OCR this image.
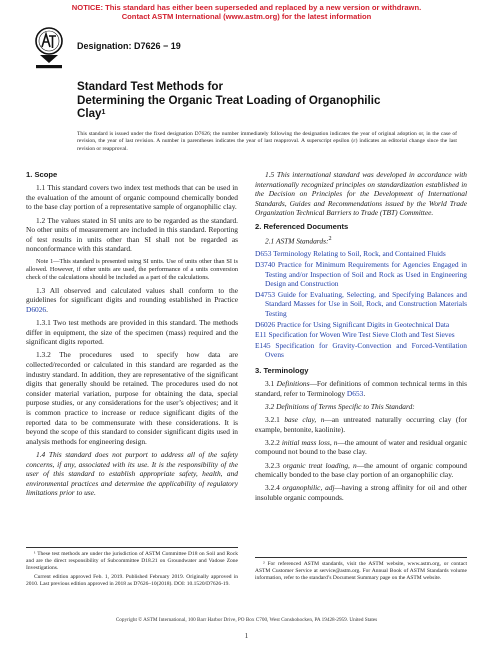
NOTICE: This standard has either been superseded and replaced by a new version or withdrawn.
Contact ASTM International (www.astm.org) for the latest information
Designation: D7626 − 19
Standard Test Methods for
Determining the Organic Treat Loading of Organophilic
Clay$^1$
This standard is issued under the fixed designation D7626; the number immediately following the designation indicates the year of original adoption or, in the case of revision, the year of last revision. A number in parentheses indicates the year of last reapproval. A superscript epsilon (ε) indicates an editorial change since the last revision or reapproval.

1. Scope

1.1 This standard covers two index test methods that can be used in the evaluation of the amount of organic compound chemically bonded to the base clay portion of a representative sample of organophilic clay.

1.2 The values stated in SI units are to be regarded as the standard. No other units of measurement are included in this standard. Reporting of test results in units other than SI shall not be regarded as nonconformance with this standard.

Note 1—This standard is presented using SI units. Use of units other than SI is allowed. However, if other units are used, the performance of a units conversion check of the calculations should be included as a part of the calculations.

1.3 All observed and calculated values shall conform to the guidelines for significant digits and rounding established in Practice D6026.

1.3.1 Two test methods are provided in this standard. The methods differ in equipment, the size of the specimen (mass) required and the significant digits reported.

1.3.2 The procedures used to specify how data are collected/recorded or calculated in this standard are regarded as the industry standard. In addition, they are representative of the significant digits that generally should be retained. The procedures used do not consider material variation, purpose for obtaining the data, special purpose studies, or any considerations for the user’s objectives; and it is common practice to increase or reduce significant digits of the reported data to be commensurate with these considerations. It is beyond the scope of this standard to consider significant digits used in analysis methods for engineering design.

1.4 This standard does not purport to address all of the safety concerns, if any, associated with its use. It is the responsibility of the user of this standard to establish appropriate safety, health, and environmental practices and determine the applicability of regulatory limitations prior to use.

1.5 This international standard was developed in accordance with internationally recognized principles on standardization established in the Decision on Principles for the Development of International Standards, Guides and Recommendations issued by the World Trade Organization Technical Barriers to Trade (TBT) Committee.

2. Referenced Documents

2.1 ASTM Standards:$^2$

D653 Terminology Relating to Soil, Rock, and Contained Fluids

D3740 Practice for Minimum Requirements for Agencies Engaged in Testing and/or Inspection of Soil and Rock as Used in Engineering Design and Construction

D4753 Guide for Evaluating, Selecting, and Specifying Balances and Standard Masses for Use in Soil, Rock, and Construction Materials Testing

D6026 Practice for Using Significant Digits in Geotechnical Data

E11 Specification for Woven Wire Test Sieve Cloth and Test Sieves

E145 Specification for Gravity-Convection and Forced-Ventilation Ovens

3. Terminology

3.1 Definitions—For definitions of common technical terms in this standard, refer to Terminology D653.

3.2 Definitions of Terms Specific to This Standard:

3.2.1 base clay, n—an untreated naturally occurring clay (for example, bentonite, kaolinite).

3.2.2 initial mass loss, n—the amount of water and residual organic compound not bound to the base clay.

3.2.3 organic treat loading, n—the amount of organic compound chemically bonded to the base clay portion of an organophilic clay.

3.2.4 organophilic, adj—having a strong affinity for oil and other insoluble organic compounds.

¹ These test methods are under the jurisdiction of ASTM Committee D18 on Soil and Rock and are the direct responsibility of Subcommittee D18.21 on Groundwater and Vadose Zone Investigations.

Current edition approved Feb. 1, 2019. Published February 2019. Originally approved in 2010. Last previous edition approved in 2018 as D7626–10(2018). DOI: 10.1520/D7626-19.

² For referenced ASTM standards, visit the ASTM website, www.astm.org, or contact ASTM Customer Service at service@astm.org. For Annual Book of ASTM Standards volume information, refer to the standard’s Document Summary page on the ASTM website.

Copyright © ASTM International, 100 Barr Harbor Drive, PO Box C700, West Conshohocken, PA 19428-2959. United States
1
